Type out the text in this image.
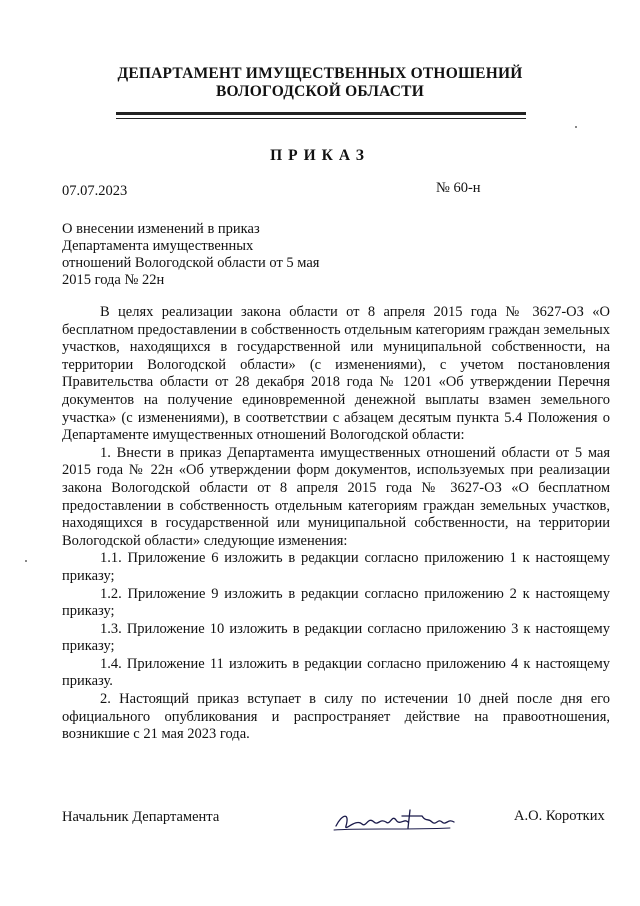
ДЕПАРТАМЕНТ ИМУЩЕСТВЕННЫХ ОТНОШЕНИЙ
ВОЛОГОДСКОЙ ОБЛАСТИ
ПРИКАЗ
07.07.2023	№ 60-н
О внесении изменений в приказ Департамента имущественных отношений Вологодской области от 5 мая 2015 года № 22н

В целях реализации закона области от 8 апреля 2015 года № 3627-ОЗ «О бесплатном предоставлении в собственность отдельным категориям граждан земельных участков, находящихся в государственной или муниципальной собственности, на территории Вологодской области» (с изменениями), с учетом постановления Правительства области от 28 декабря 2018 года № 1201 «Об утверждении Перечня документов на получение единовременной денежной выплаты взамен земельного участка» (с изменениями), в соответствии с абзацем десятым пункта 5.4 Положения о Департаменте имущественных отношений Вологодской области:

1. Внести в приказ Департамента имущественных отношений области от 5 мая 2015 года № 22н «Об утверждении форм документов, используемых при реализации закона Вологодской области от 8 апреля 2015 года № 3627-ОЗ «О бесплатном предоставлении в собственность отдельным категориям граждан земельных участков, находящихся в государственной или муниципальной собственности, на территории Вологодской области» следующие изменения:

1.1. Приложение 6 изложить в редакции согласно приложению 1 к настоящему приказу;

1.2. Приложение 9 изложить в редакции согласно приложению 2 к настоящему приказу;

1.3. Приложение 10 изложить в редакции согласно приложению 3 к настоящему приказу;

1.4. Приложение 11 изложить в редакции согласно приложению 4 к настоящему приказу.

2. Настоящий приказ вступает в силу по истечении 10 дней после дня его официального опубликования и распространяет действие на правоотношения, возникшие с 21 мая 2023 года.

Начальник Департамента	А.О. Коротких
